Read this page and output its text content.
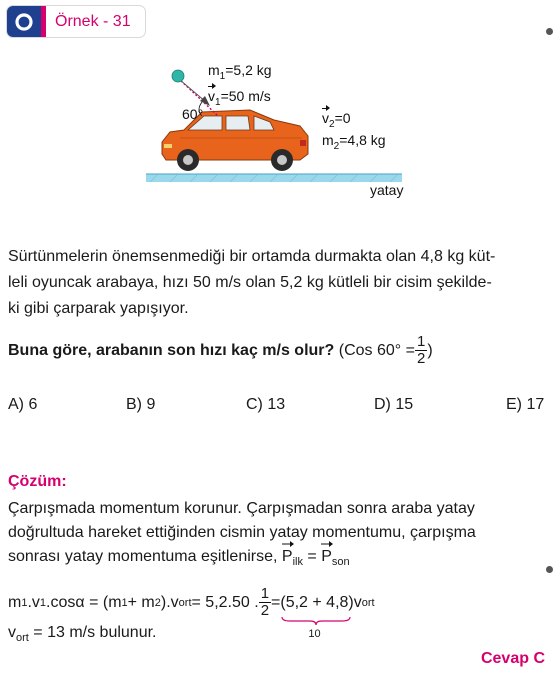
Örnek - 31
$m_1=5,2$ kg
$v_1=50$ m/s
60°	$v_2=0$
$m_2=4,8$ kg
yatay
Sürtünmelerin önemsenmediği bir ortamda durmakta olan 4,8 kg küt-
leli oyuncak arabaya, hızı 50 m/s olan 5,2 kg kütleli bir cisim şekilde-
ki gibi çarparak yapışıyor.
Buna göre, arabanın son hızı kaç m/s olur?
(Cos $60^\circ = \frac{1}{2}$ )
A) 6	B) 9	C) 13	D) 15	E) 17
Çözüm:
Çarpışmada momentum korunur. Çarpışmadan sonra araba yatay
doğrultuda hareket ettiğinden cismin yatay momentumu, çarpışma
sonrası yatay momentuma eşitlenirse, $P_{ilk}$
= $P_{son}$
m 1 .v 1 .cosα = (m 1 + m 2 ).v ort = 5,2.50 . $\frac{1}{2} = (5,2 + 4,8)$
10
v ort
$v_{ort} = 13$ m/s bulunur.
Cevap C
